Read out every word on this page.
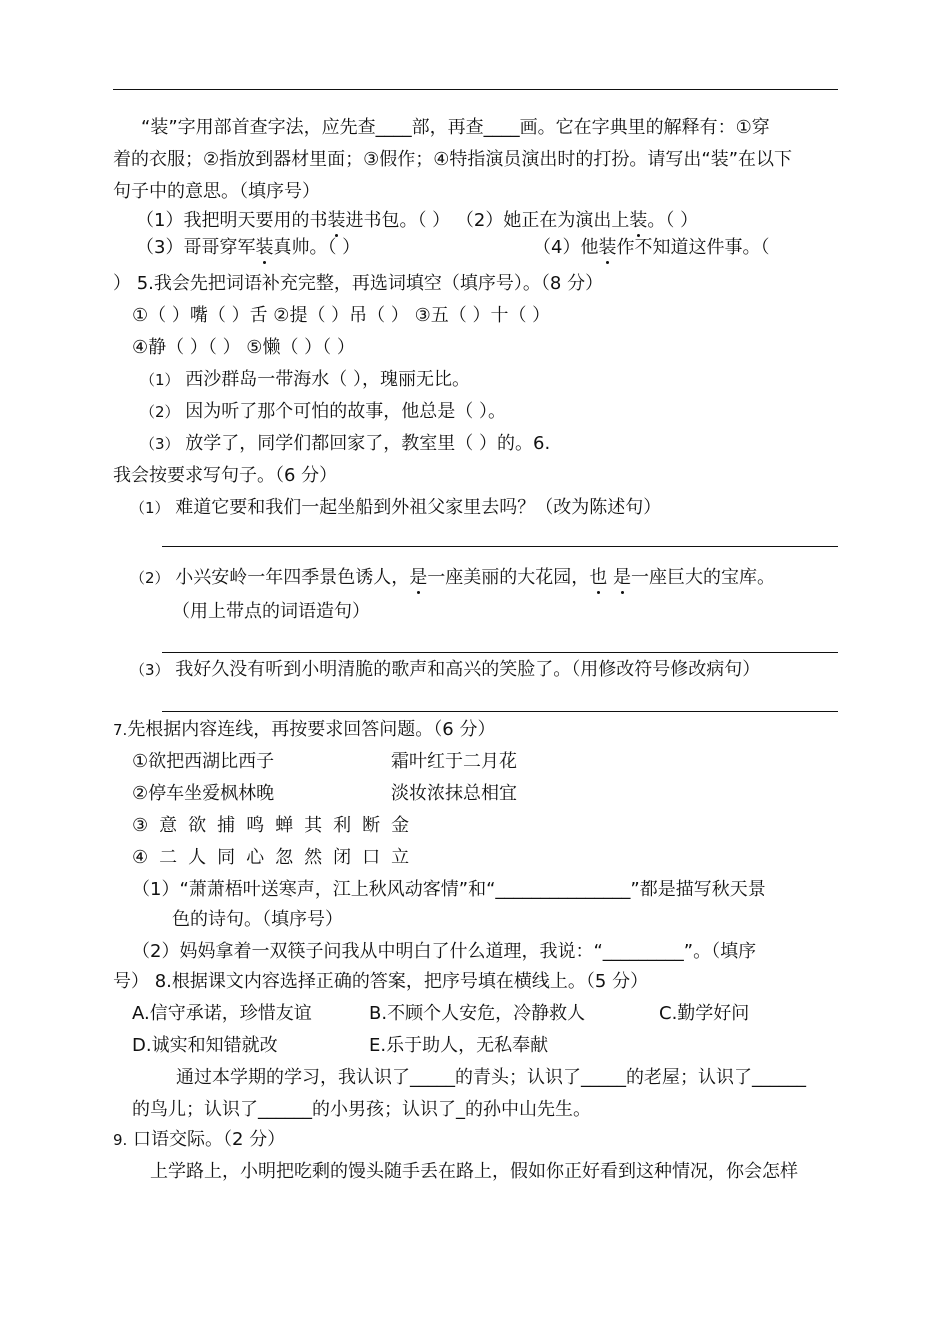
“装”字用部首查字法，应先查____部，再查____画。它在字典里的解释有：①穿
着的衣服；②指放到器材里面；③假作；④特指演员演出时的打扮。请写出“装”在以下
句子中的意思。（填序号）
（1）我把明天要用的书装进书包。（ ） （2）她正在为演出上装。（ ）
（3）哥哥穿军装真帅。（ ）	（4）他装作不知道这件事。（
） 5.我会先把词语补充完整，再选词填空（填序号）。（8 分）
①（ ）嘴（ ）舌 ②提（ ）吊（ ） ③五（ ）十（ ）
④静（ ）（ ） ⑤懒（ ）（ ）
（1） 西沙群岛一带海水（ ），瑰丽无比。
（2） 因为听了那个可怕的故事，他总是（ ）。
（3） 放学了，同学们都回家了，教室里（ ）的。6.
我会按要求写句子。（6 分）
（1） 难道它要和我们一起坐船到外祖父家里去吗？（改为陈述句）
（2） 小兴安岭一年四季景色诱人，是一座美丽的大花园，也 是一座巨大的宝库。
（用上带点的词语造句）
（3） 我好久没有听到小明清脆的歌声和高兴的笑脸了。（用修改符号修改病句）
7.先根据内容连线，再按要求回答问题。（6 分）
①欲把西湖比西子	霜叶红于二月花
②停车坐爱枫林晚	淡妆浓抹总相宜
③意欲捕鸣蝉其利断金
④二人同心忽然闭口立
（1）“萧萧梧叶送寒声，江上秋风动客情”和“_______________”都是描写秋天景
色的诗句。（填序号）
（2）妈妈拿着一双筷子问我从中明白了什么道理，我说：“_________”。（填序
号） 8.根据课文内容选择正确的答案，把序号填在横线上。（5 分）
A.信守承诺，珍惜友谊	B.不顾个人安危，冷静救人	C.勤学好问
D.诚实和知错就改	E.乐于助人，无私奉献
通过本学期的学习，我认识了_____的青头；认识了_____的老屋；认识了______
的鸟儿；认识了______的小男孩；认识了_的孙中山先生。
9. 口语交际。（2 分）
上学路上，小明把吃剩的馒头随手丢在路上，假如你正好看到这种情况，你会怎样
